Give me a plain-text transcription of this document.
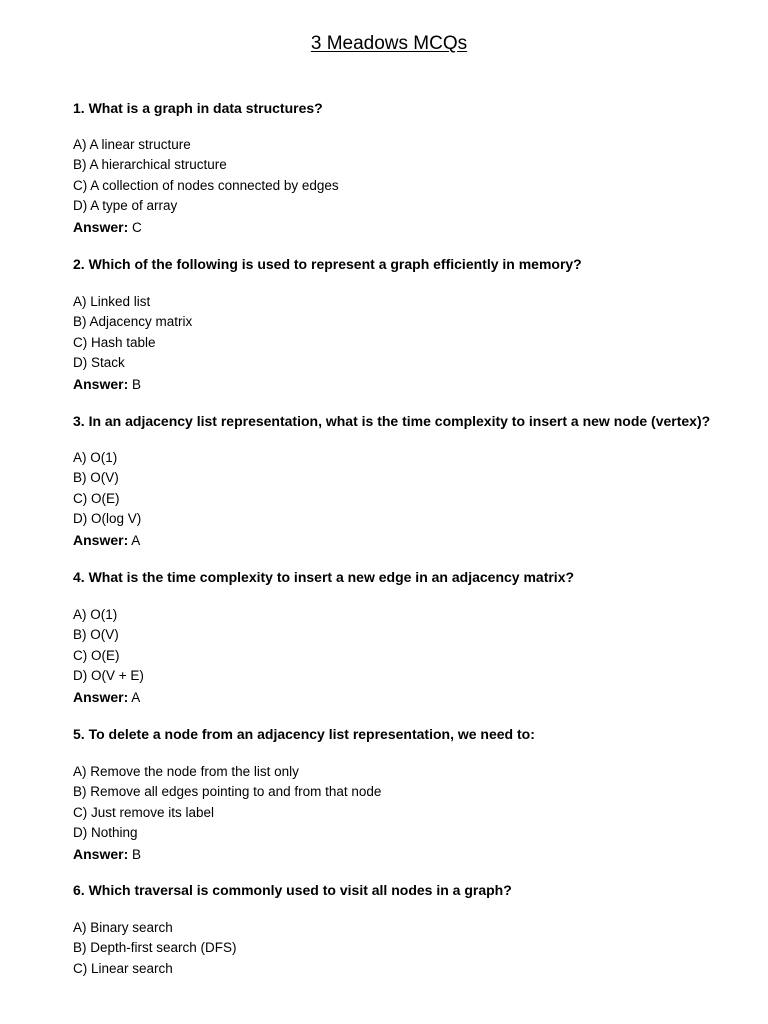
3 Meadows MCQs
1. What is a graph in data structures?
A) A linear structure
B) A hierarchical structure
C) A collection of nodes connected by edges
D) A type of array
Answer: C
2. Which of the following is used to represent a graph efficiently in memory?
A) Linked list
B) Adjacency matrix
C) Hash table
D) Stack
Answer: B
3. In an adjacency list representation, what is the time complexity to insert a new node (vertex)?
A) O(1)
B) O(V)
C) O(E)
D) O(log V)
Answer: A
4. What is the time complexity to insert a new edge in an adjacency matrix?
A) O(1)
B) O(V)
C) O(E)
D) O(V + E)
Answer: A
5. To delete a node from an adjacency list representation, we need to:
A) Remove the node from the list only
B) Remove all edges pointing to and from that node
C) Just remove its label
D) Nothing
Answer: B
6. Which traversal is commonly used to visit all nodes in a graph?
A) Binary search
B) Depth-first search (DFS)
C) Linear search
